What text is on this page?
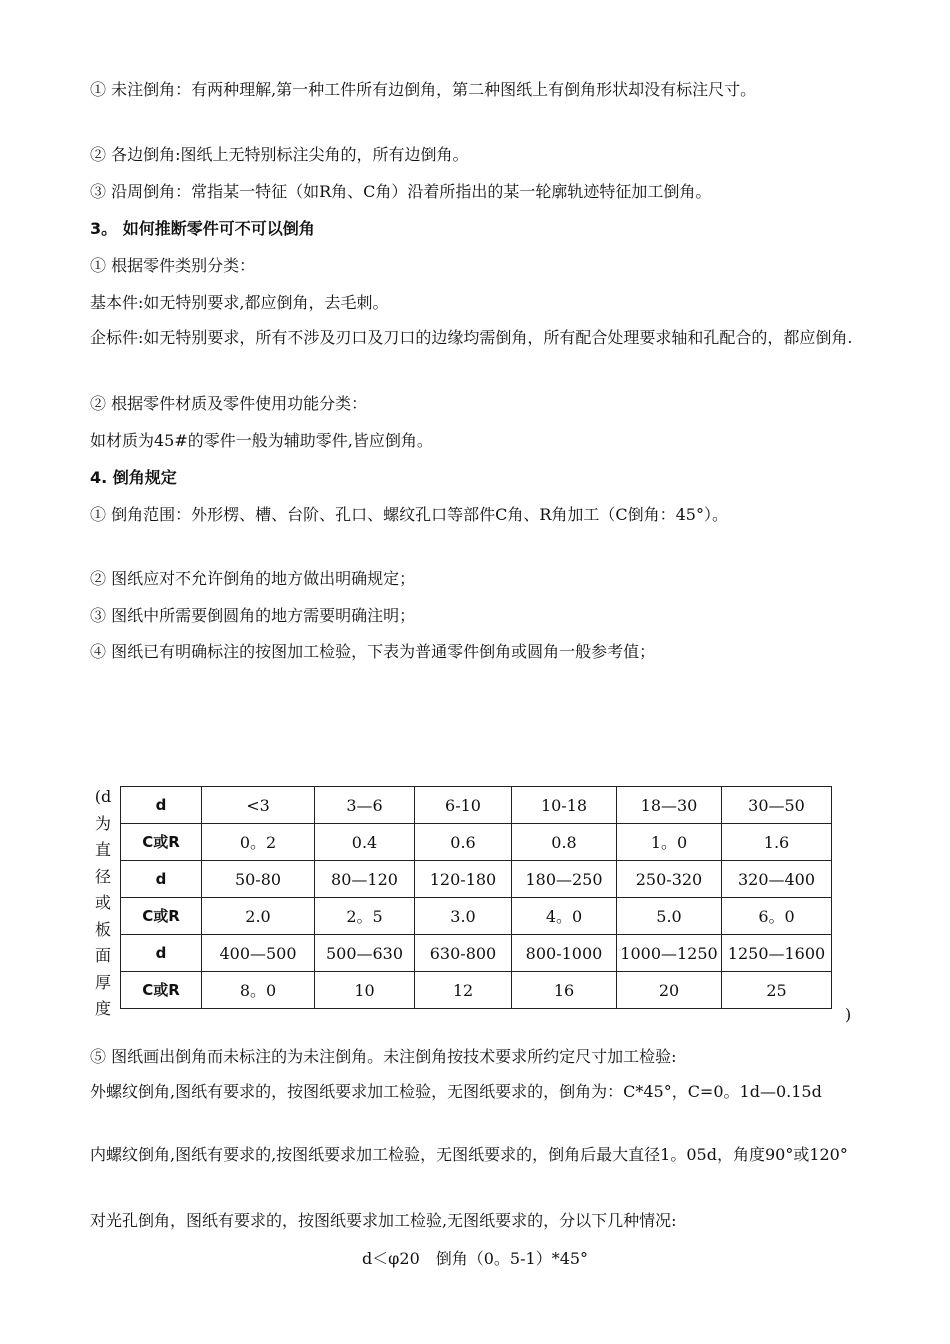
① 未注倒角：有两种理解,第一种工件所有边倒角，第二种图纸上有倒角形状却没有标注尺寸。

② 各边倒角:图纸上无特别标注尖角的，所有边倒角。

③ 沿周倒角：常指某一特征（如R角、C角）沿着所指出的某一轮廓轨迹特征加工倒角。

3。 如何推断零件可不可以倒角

① 根据零件类别分类：

基本件:如无特别要求,都应倒角，去毛刺。

企标件:如无特别要求，所有不涉及刃口及刀口的边缘均需倒角，所有配合处理要求轴和孔配合的，都应倒角.

② 根据零件材质及零件使用功能分类：

如材质为45#的零件一般为辅助零件,皆应倒角。

4. 倒角规定

① 倒角范围：外形楞、槽、台阶、孔口、螺纹孔口等部件C角、R角加工（C倒角：45°）。

② 图纸应对不允许倒角的地方做出明确规定；

③ 图纸中所需要倒圆角的地方需要明确注明；

④ 图纸已有明确标注的按图加工检验，下表为普通零件倒角或圆角一般参考值；

(d
为
直
径
或
板
面
厚
度
d	<3	3—6	6-10	10-18	18—30	30—50
C或R	0。2	0.4	0.6	0.8	1。0	1.6
d	50-80	80—120	120-180	180—250	250-320	320—400
C或R	2.0	2。5	3.0	4。0	5.0	6。0
d	400—500	500—630	630-800	800-1000	1000—1250	1250—1600
C或R	8。0	10	12	16	20	25
)

⑤ 图纸画出倒角而未标注的为未注倒角。未注倒角按技术要求所约定尺寸加工检验:

外螺纹倒角,图纸有要求的，按图纸要求加工检验，无图纸要求的，倒角为：C*45°，C=0。1d—0.15d

内螺纹倒角,图纸有要求的,按图纸要求加工检验，无图纸要求的，倒角后最大直径1。05d，角度90°或120°

对光孔倒角，图纸有要求的，按图纸要求加工检验,无图纸要求的，分以下几种情况:

d＜φ20　倒角（0。5-1）*45°
